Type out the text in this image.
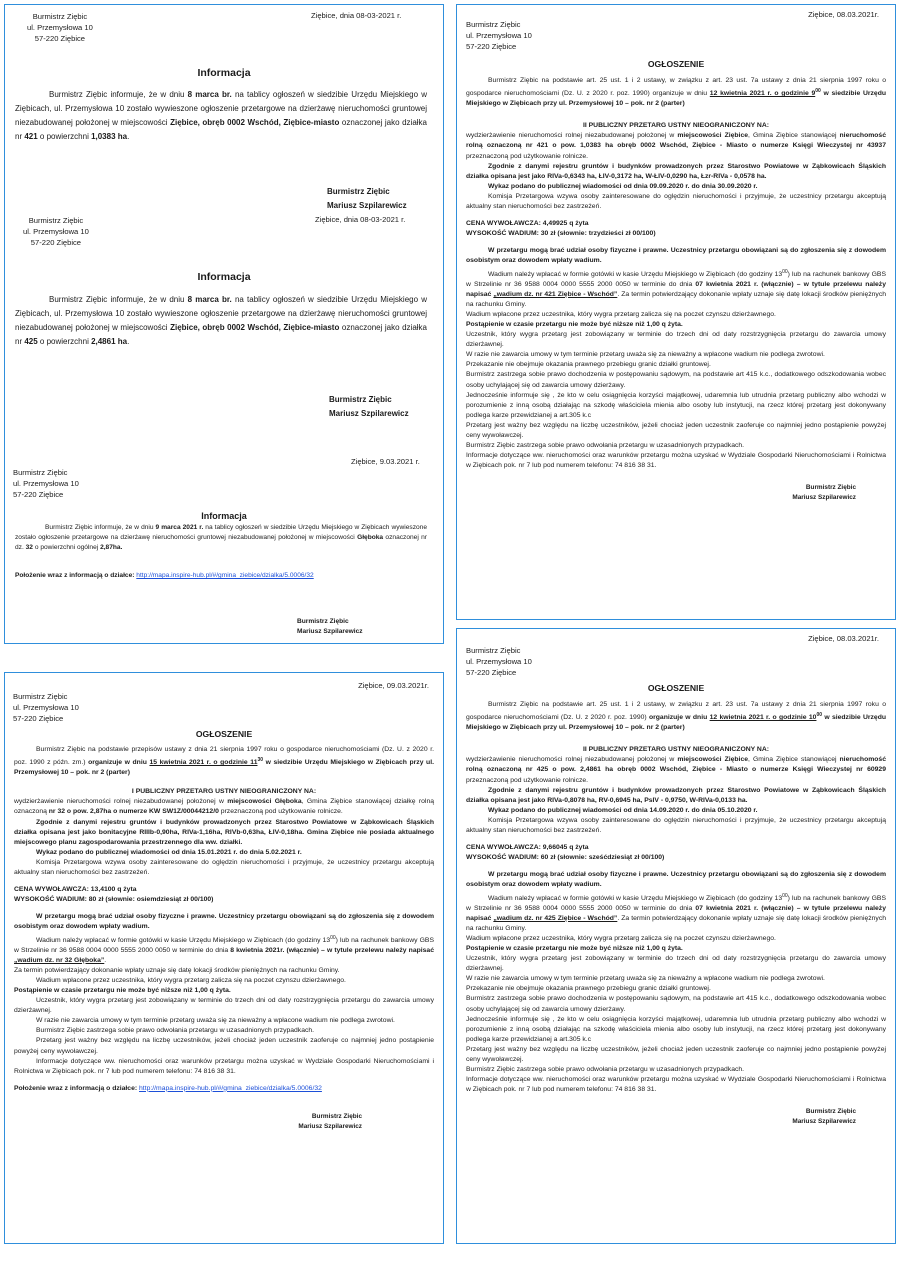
Burmistrz Ziębic
ul. Przemysłowa 10
57-220 Ziębice
Ziębice, dnia 08-03-2021 r.
Informacja
Burmistrz Ziębic informuje, że w dniu 8 marca br. na tablicy ogłoszeń w siedzibie Urzędu Miejskiego w Ziębicach, ul. Przemysłowa 10 zostało wywieszone ogłoszenie przetargowe na dzierżawę nieruchomości gruntowej niezabudowanej położonej w miejscowości Ziębice, obręb 0002 Wschód, Ziębice-miasto oznaczonej jako działka nr 421 o powierzchni 1,0383 ha.
Burmistrz Ziębic
Mariusz Szpilarewicz
Burmistrz Ziębic
ul. Przemysłowa 10
57-220 Ziębice
Ziębice, dnia 08-03-2021 r.
Informacja
Burmistrz Ziębic informuje, że w dniu 8 marca br. na tablicy ogłoszeń w siedzibie Urzędu Miejskiego w Ziębicach, ul. Przemysłowa 10 zostało wywieszone ogłoszenie przetargowe na dzierżawę nieruchomości gruntowej niezabudowanej położonej w miejscowości Ziębice, obręb 0002 Wschód, Ziębice-miasto oznaczonej jako działka nr 425 o powierzchni 2,4861 ha.
Burmistrz Ziębic
Mariusz Szpilarewicz
Ziębice, 9.03.2021 r.
Burmistrz Ziębic
ul. Przemysłowa 10
57-220 Ziębice
Informacja
Burmistrz Ziębic informuje, że w dniu 9 marca 2021 r. na tablicy ogłoszeń w siedzibie Urzędu Miejskiego w Ziębicach wywieszone zostało ogłoszenie przetargowe na dzierżawę nieruchomości gruntowej niezabudowanej położonej w miejscowości Głęboka oznaczonej nr dz. 32 o powierzchni ogólnej 2,87ha.
Położenie wraz z informacją o działce: http://mapa.inspire-hub.pl/#/gmina_ziebice/dzialka/5.0006/32
Burmistrz Ziębic
Mariusz Szpilarewicz
Ziębice, 08.03.2021r.
Burmistrz Ziębic
ul. Przemysłowa 10
57-220 Ziębice
OGŁOSZENIE

Burmistrz Ziębic na podstawie art. 25 ust. 1 i 2 ustawy, w związku z art. 23 ust. 7a ustawy z dnia 21 sierpnia 1997 roku o gospodarce nieruchomościami (Dz. U. z 2020 r. poz. 1990) organizuje w dniu 12 kwietnia 2021 r. o godzinie $9^{00}$ w siedzibie Urzędu Miejskiego w Ziębicach przy ul. Przemysłowej 10 – pok. nr 2 (parter)

II PUBLICZNY PRZETARG USTNY NIEOGRANICZONY NA:

wydzierżawienie nieruchomości rolnej niezabudowanej położonej w miejscowości Ziębice, Gmina Ziębice stanowiącej nieruchomość rolną oznaczoną nr 421 o pow. 1,0383 ha obręb 0002 Wschód, Ziębice - Miasto o numerze Księgi Wieczystej nr 43937 przeznaczoną pod użytkowanie rolnicze.

Zgodnie z danymi rejestru gruntów i budynków prowadzonych przez Starostwo Powiatowe w Ząbkowicach Śląskich działka opisana jest jako RIVa-0,6343 ha, ŁIV-0,3172 ha, W-ŁIV-0,0290 ha, Łzr-RIVa - 0,0578 ha.

Wykaz podano do publicznej wiadomości od dnia 09.09.2020 r. do dnia 30.09.2020 r.

Komisja Przetargowa wzywa osoby zainteresowane do oględzin nieruchomości i przyjmuje, że uczestnicy przetargu akceptują aktualny stan nieruchomości bez zastrzeżeń.

CENA WYWOŁAWCZA: 4,49925 q żyta

WYSOKOŚĆ WADIUM: 30 zł (słownie: trzydzieści zł 00/100)

W przetargu mogą brać udział osoby fizyczne i prawne. Uczestnicy przetargu obowiązani są do zgłoszenia się z dowodem osobistym oraz dowodem wpłaty wadium.

Wadium należy wpłacać w formie gotówki w kasie Urzędu Miejskiego w Ziębicach (do godziny $13^{00}$) lub na rachunek bankowy GBS w Strzelinie nr 36 9588 0004 0000 5555 2000 0050 w terminie do dnia 07 kwietnia 2021 r. (włącznie) – w tytule przelewu należy napisać „wadium dz. nr 421 Ziębice - Wschód”. Za termin potwierdzający dokonanie wpłaty uznaje się datę lokacji środków pieniężnych na rachunku Gminy.

Wadium wpłacone przez uczestnika, który wygra przetarg zalicza się na poczet czynszu dzierżawnego.

Postąpienie w czasie przetargu nie może być niższe niż 1,00 q żyta.

Uczestnik, który wygra przetarg jest zobowiązany w terminie do trzech dni od daty rozstrzygnięcia przetargu do zawarcia umowy dzierżawnej.

W razie nie zawarcia umowy w tym terminie przetarg uważa się za nieważny a wpłacone wadium nie podlega zwrotowi.

Przekazanie nie obejmuje okazania prawnego przebiegu granic działki gruntowej.

Burmistrz zastrzega sobie prawo dochodzenia w postępowaniu sądowym, na podstawie art 415 k.c., dodatkowego odszkodowania wobec osoby uchylającej się od zawarcia umowy dzierżawy.

Jednocześnie informuje się , że kto w celu osiągnięcia korzyści majątkowej, udaremnia lub utrudnia przetarg publiczny albo wchodzi w porozumienie z inną osobą działając na szkodę właściciela mienia albo osoby lub instytucji, na rzecz której przetarg jest dokonywany podlega karze przewidzianej a art.305 k.c

Przetarg jest ważny bez względu na liczbę uczestników, jeżeli chociaż jeden uczestnik zaoferuje co najmniej jedno postąpienie powyżej ceny wywoławczej.

Burmistrz Ziębic zastrzega sobie prawo odwołania przetargu w uzasadnionych przypadkach.

Informacje dotyczące ww. nieruchomości oraz warunków przetargu można uzyskać w Wydziale Gospodarki Nieruchomościami i Rolnictwa w Ziębicach pok. nr 7 lub pod numerem telefonu: 74 816 38 31.

Burmistrz Ziębic
Mariusz Szpilarewicz

Ziębice, 09.03.2021r.
Burmistrz Ziębic
ul. Przemysłowa 10
57-220 Ziębice
OGŁOSZENIE

Burmistrz Ziębic na podstawie przepisów ustawy z dnia 21 sierpnia 1997 roku o gospodarce nieruchomościami (Dz. U. z 2020 r. poz. 1990 z późn. zm.) organizuje w dniu 15 kwietnia 2021 r. o godzinie $11^{30}$ w siedzibie Urzędu Miejskiego w Ziębicach przy ul. Przemysłowej 10 – pok. nr 2 (parter)

I PUBLICZNY PRZETARG USTNY NIEOGRANICZONY NA:

wydzierżawienie nieruchomości rolnej niezabudowanej położonej w miejscowości Głęboka, Gmina Ziębice stanowiącej działkę rolną oznaczoną nr 32 o pow. 2,87ha o numerze KW SW1Z/00044212/0 przeznaczoną pod użytkowanie rolnicze.

Zgodnie z danymi rejestru gruntów i budynków prowadzonych przez Starostwo Powiatowe w Ząbkowicach Śląskich działka opisana jest jako bonitacyjne RIIIb-0,90ha, RIVa-1,16ha, RIVb-0,63ha, ŁIV-0,18ha. Gmina Ziębice nie posiada aktualnego miejscowego planu zagospodarowania przestrzennego dla ww. działki.

Wykaz podano do publicznej wiadomości od dnia 15.01.2021 r. do dnia 5.02.2021 r.

Komisja Przetargowa wzywa osoby zainteresowane do oględzin nieruchomości i przyjmuje, że uczestnicy przetargu akceptują aktualny stan nieruchomości bez zastrzeżeń.

CENA WYWOŁAWCZA: 13,4100 q żyta

WYSOKOŚĆ WADIUM: 80 zł (słownie: osiemdziesiąt zł 00/100)

W przetargu mogą brać udział osoby fizyczne i prawne. Uczestnicy przetargu obowiązani są do zgłoszenia się z dowodem osobistym oraz dowodem wpłaty wadium.

Wadium należy wpłacać w formie gotówki w kasie Urzędu Miejskiego w Ziębicach (do godziny $13^{00}$) lub na rachunek bankowy GBS w Strzelinie nr 36 9588 0004 0000 5555 2000 0050 w terminie do dnia 8 kwietnia 2021r. (włącznie) – w tytule przelewu należy napisać „wadium dz. nr 32 Głęboka”.

Za termin potwierdzający dokonanie wpłaty uznaje się datę lokacji środków pieniężnych na rachunku Gminy.

Wadium wpłacone przez uczestnika, który wygra przetarg zalicza się na poczet czynszu dzierżawnego.

Postąpienie w czasie przetargu nie może być niższe niż 1,00 q żyta.

Uczestnik, który wygra przetarg jest zobowiązany w terminie do trzech dni od daty rozstrzygnięcia przetargu do zawarcia umowy dzierżawnej.

W razie nie zawarcia umowy w tym terminie przetarg uważa się za nieważny a wpłacone wadium nie podlega zwrotowi.

Burmistrz Ziębic zastrzega sobie prawo odwołania przetargu w uzasadnionych przypadkach.

Przetarg jest ważny bez względu na liczbę uczestników, jeżeli chociaż jeden uczestnik zaoferuje co najmniej jedno postąpienie powyżej ceny wywoławczej.

Informacje dotyczące ww. nieruchomości oraz warunków przetargu można uzyskać w Wydziale Gospodarki Nieruchomościami i Rolnictwa w Ziębicach pok. nr 7 lub pod numerem telefonu: 74 816 38 31.

Położenie wraz z informacją o działce: http://mapa.inspire-hub.pl/#/gmina_ziebice/dzialka/5.0006/32

Burmistrz Ziębic
Mariusz Szpilarewicz

Ziębice, 08.03.2021r.
Burmistrz Ziębic
ul. Przemysłowa 10
57-220 Ziębice
OGŁOSZENIE

Burmistrz Ziębic na podstawie art. 25 ust. 1 i 2 ustawy, w związku z art. 23 ust. 7a ustawy z dnia 21 sierpnia 1997 roku o gospodarce nieruchomościami (Dz. U. z 2020 r. poz. 1990) organizuje w dniu 12 kwietnia 2021 r. o godzinie $10^{00}$ w siedzibie Urzędu Miejskiego w Ziębicach przy ul. Przemysłowej 10 – pok. nr 2 (parter)

II PUBLICZNY PRZETARG USTNY NIEOGRANICZONY NA:

wydzierżawienie nieruchomości rolnej niezabudowanej położonej w miejscowości Ziębice, Gmina Ziębice stanowiącej nieruchomość rolną oznaczoną nr 425 o pow. 2,4861 ha obręb 0002 Wschód, Ziębice - Miasto o numerze Księgi Wieczystej nr 60929 przeznaczoną pod użytkowanie rolnicze.

Zgodnie z danymi rejestru gruntów i budynków prowadzonych przez Starostwo Powiatowe w Ząbkowicach Śląskich działka opisana jest jako RIVa-0,8078 ha, RV-0,6945 ha, PsIV - 0,9750, W-RIVa-0,0133 ha.

Wykaz podano do publicznej wiadomości od dnia 14.09.2020 r. do dnia 05.10.2020 r.

Komisja Przetargowa wzywa osoby zainteresowane do oględzin nieruchomości i przyjmuje, że uczestnicy przetargu akceptują aktualny stan nieruchomości bez zastrzeżeń.

CENA WYWOŁAWCZA: 9,66045 q żyta

WYSOKOŚĆ WADIUM: 60 zł (słownie: sześćdziesiąt zł 00/100)

W przetargu mogą brać udział osoby fizyczne i prawne. Uczestnicy przetargu obowiązani są do zgłoszenia się z dowodem osobistym oraz dowodem wpłaty wadium.

Wadium należy wpłacać w formie gotówki w kasie Urzędu Miejskiego w Ziębicach (do godziny $13^{00}$) lub na rachunek bankowy GBS w Strzelinie nr 36 9588 0004 0000 5555 2000 0050 w terminie do dnia 07 kwietnia 2021 r. (włącznie) – w tytule przelewu należy napisać „wadium dz. nr 425 Ziębice - Wschód”. Za termin potwierdzający dokonanie wpłaty uznaje się datę lokacji środków pieniężnych na rachunku Gminy.

Wadium wpłacone przez uczestnika, który wygra przetarg zalicza się na poczet czynszu dzierżawnego.

Postąpienie w czasie przetargu nie może być niższe niż 1,00 q żyta.

Uczestnik, który wygra przetarg jest zobowiązany w terminie do trzech dni od daty rozstrzygnięcia przetargu do zawarcia umowy dzierżawnej.

W razie nie zawarcia umowy w tym terminie przetarg uważa się za nieważny a wpłacone wadium nie podlega zwrotowi.

Przekazanie nie obejmuje okazania prawnego przebiegu granic działki gruntowej.

Burmistrz zastrzega sobie prawo dochodzenia w postępowaniu sądowym, na podstawie art 415 k.c., dodatkowego odszkodowania wobec osoby uchylającej się od zawarcia umowy dzierżawy.

Jednocześnie informuje się , że kto w celu osiągnięcia korzyści majątkowej, udaremnia lub utrudnia przetarg publiczny albo wchodzi w porozumienie z inną osobą działając na szkodę właściciela mienia albo osoby lub instytucji, na rzecz której przetarg jest dokonywany podlega karze przewidzianej a art.305 k.c

Przetarg jest ważny bez względu na liczbę uczestników, jeżeli chociaż jeden uczestnik zaoferuje co najmniej jedno postąpienie powyżej ceny wywoławczej.

Burmistrz Ziębic zastrzega sobie prawo odwołania przetargu w uzasadnionych przypadkach.

Informacje dotyczące ww. nieruchomości oraz warunków przetargu można uzyskać w Wydziale Gospodarki Nieruchomościami i Rolnictwa w Ziębicach pok. nr 7 lub pod numerem telefonu: 74 816 38 31.

Burmistrz Ziębic
Mariusz Szpilarewicz
